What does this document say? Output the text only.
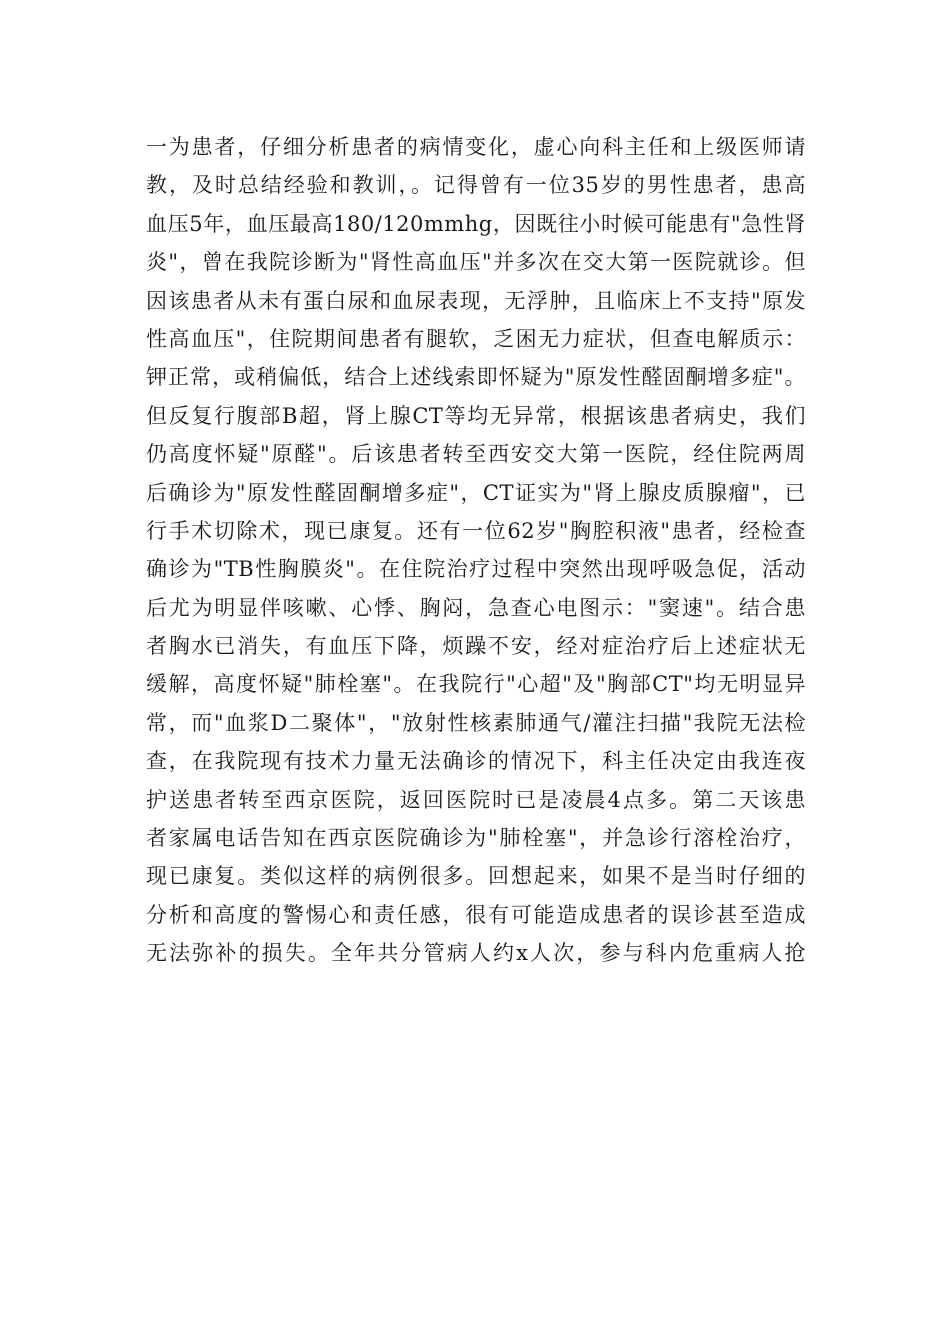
一为患者，仔细分析患者的病情变化，虚心向科主任和上级医师请
教，及时总结经验和教训，。记得曾有一位35岁的男性患者，患高
血压5年，血压最高180/120mmhg，因既往小时候可能患有"急性肾
炎"，曾在我院诊断为"肾性高血压"并多次在交大第一医院就诊。但
因该患者从未有蛋白尿和血尿表现，无浮肿，且临床上不支持"原发
性高血压"，住院期间患者有腿软，乏困无力症状，但查电解质示：
钾正常，或稍偏低，结合上述线索即怀疑为"原发性醛固酮增多症"。
但反复行腹部B超，肾上腺CT等均无异常，根据该患者病史，我们
仍高度怀疑"原醛"。后该患者转至西安交大第一医院，经住院两周
后确诊为"原发性醛固酮增多症"，CT证实为"肾上腺皮质腺瘤"，已
行手术切除术，现已康复。还有一位62岁"胸腔积液"患者，经检查
确诊为"TB性胸膜炎"。在住院治疗过程中突然出现呼吸急促，活动
后尤为明显伴咳嗽、心悸、胸闷，急查心电图示："窦速"。结合患
者胸水已消失，有血压下降，烦躁不安，经对症治疗后上述症状无
缓解，高度怀疑"肺栓塞"。在我院行"心超"及"胸部CT"均无明显异
常，而"血浆D二聚体"，"放射性核素肺通气/灌注扫描"我院无法检
查，在我院现有技术力量无法确诊的情况下，科主任决定由我连夜
护送患者转至西京医院，返回医院时已是凌晨4点多。第二天该患
者家属电话告知在西京医院确诊为"肺栓塞"，并急诊行溶栓治疗，
现已康复。类似这样的病例很多。回想起来，如果不是当时仔细的
分析和高度的警惕心和责任感，很有可能造成患者的误诊甚至造成
无法弥补的损失。全年共分管病人约x人次，参与科内危重病人抢
